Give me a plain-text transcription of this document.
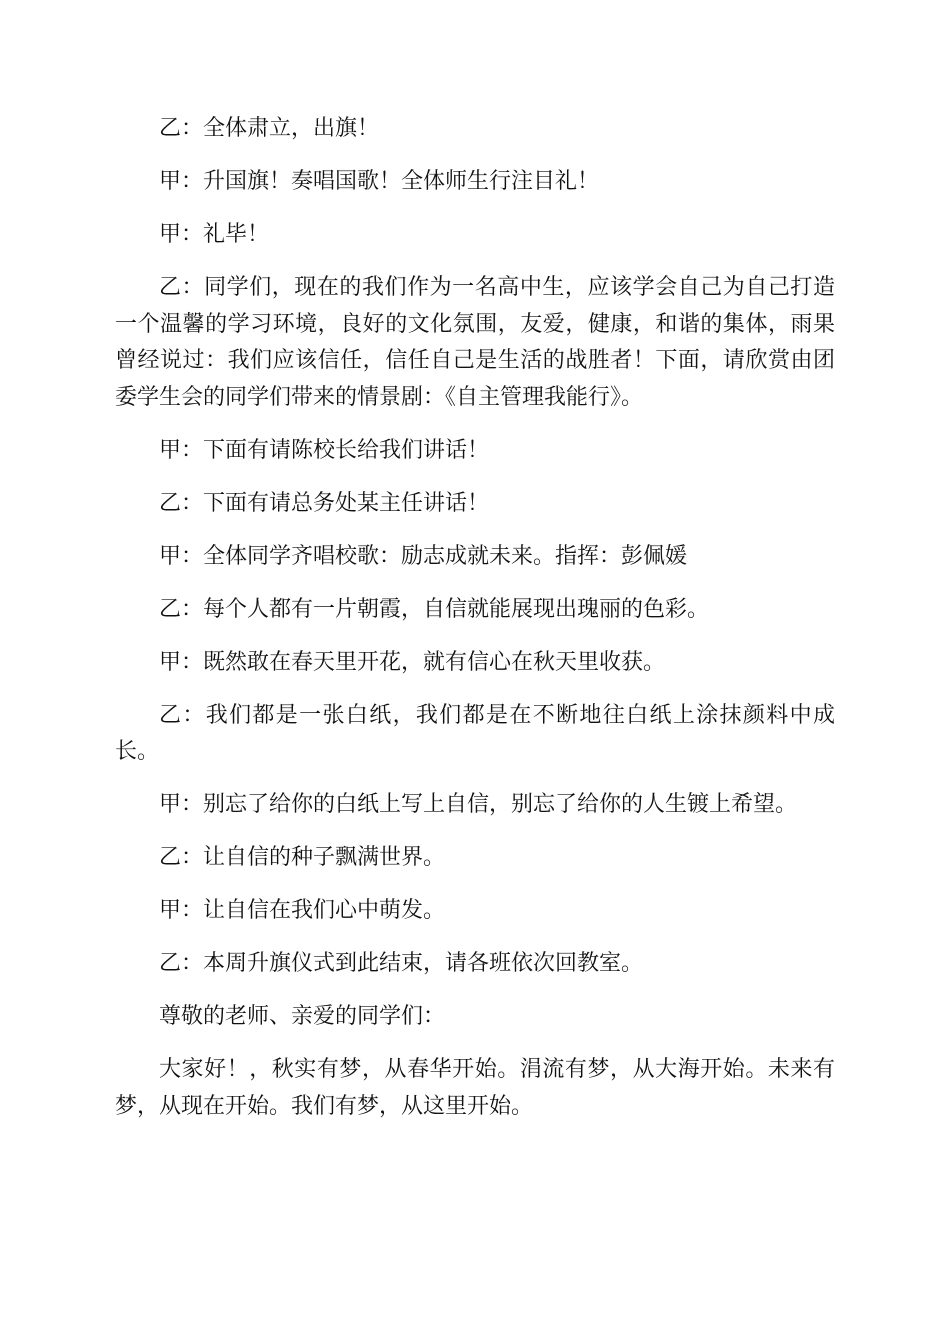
乙：全体肃立，出旗！

甲：升国旗！奏唱国歌！全体师生行注目礼！

甲：礼毕！

乙：同学们，现在的我们作为一名高中生，应该学会自己为自己打造一个温馨的学习环境，良好的文化氛围，友爱，健康，和谐的集体，雨果曾经说过：我们应该信任，信任自己是生活的战胜者！下面，请欣赏由团委学生会的同学们带来的情景剧：《自主管理我能行》。

甲：下面有请陈校长给我们讲话！

乙：下面有请总务处某主任讲话！

甲：全体同学齐唱校歌：励志成就未来。指挥：彭佩媛

乙：每个人都有一片朝霞，自信就能展现出瑰丽的色彩。

甲：既然敢在春天里开花，就有信心在秋天里收获。

乙：我们都是一张白纸，我们都是在不断地往白纸上涂抹颜料中成长。

甲：别忘了给你的白纸上写上自信，别忘了给你的人生镀上希望。

乙：让自信的种子飘满世界。

甲：让自信在我们心中萌发。

乙：本周升旗仪式到此结束，请各班依次回教室。

尊敬的老师、亲爱的同学们：

大家好！，秋实有梦，从春华开始。涓流有梦，从大海开始。未来有梦，从现在开始。我们有梦，从这里开始。
